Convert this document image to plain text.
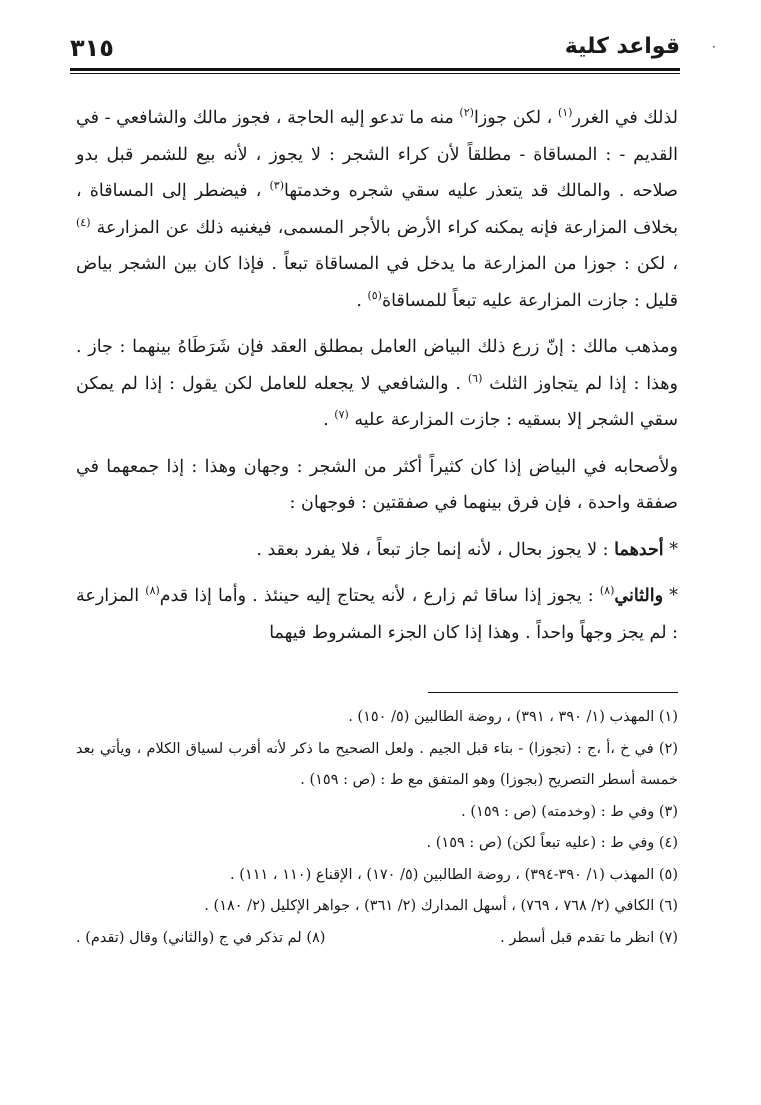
٣١٥	قواعد كلية	·

لذلك في الغرر$^{(١)}$ ، لكن جوزا$^{(٢)}$ منه ما تدعو إليه الحاجة ، فجوز مالك والشافعي - في القديم - : المساقاة - مطلقاً لأن كراء الشجر : لا يجوز ، لأنه بيع للشمر قبل بدو صلاحه . والمالك قد يتعذر عليه سقي شجره وخدمتها$^{(٣)}$ ، فيضطر إلى المساقاة ، بخلاف المزارعة فإنه يمكنه كراء الأرض بالأجر المسمى، فيغنيه ذلك عن المزارعة $^{(٤)}$ ، لكن : جوزا من المزارعة ما يدخل في المساقاة تبعاً . فإذا كان بين الشجر بياض قليل : جازت المزارعة عليه تبعاً للمساقاة$^{(٥)}$ .

ومذهب مالك : إنّ زرع ذلك البياض العامل بمطلق العقد فإن شَرَطَاهُ بينهما : جاز . وهذا : إذا لم يتجاوز الثلث $^{(٦)}$ . والشافعي لا يجعله للعامل لكن يقول : إذا لم يمكن سقي الشجر إلا بسقيه : جازت المزارعة عليه $^{(٧)}$ .

ولأصحابه في البياض إذا كان كثيراً أكثر من الشجر : وجهان وهذا : إذا جمعهما في صفقة واحدة ، فإن فرق بينهما في صفقتين : فوجهان :

* أحدهما : لا يجوز بحال ، لأنه إنما جاز تبعاً ، فلا يفرد بعقد .

* والثاني$^{(٨)}$ : يجوز إذا ساقا ثم زارع ، لأنه يحتاج إليه حينئذ . وأما إذا قدم$^{(٨)}$ المزارعة : لم يجز وجهاً واحداً . وهذا إذا كان الجزء المشروط فيهما

(١) المهذب (١/ ٣٩٠ ، ٣٩١) ، روضة الطالبين (٥/ ١٥٠) .

(٢) في خ ،أ ،ج : (تجوزا) - بتاء قبل الجيم . ولعل الصحيح ما ذكر لأنه أقرب لسياق الكلام ، ويأتي بعد خمسة أسطر التصريح (بجوزا) وهو المتفق مع ط : (ص : ١٥٩) .

(٣) وفي ط : (وخدمته) (ص : ١٥٩) .

(٤) وفي ط : (عليه تبعاً لكن) (ص : ١٥٩) .

(٥) المهذب (١/ ٣٩٠-٣٩٤) ، روضة الطالبين (٥/ ١٧٠) ، الإقناع (١١٠ ، ١١١) .

(٦) الكافي (٢/ ٧٦٨ ، ٧٦٩) ، أسهل المدارك (٢/ ٣٦١) ، جواهر الإكليل (٢/ ١٨٠) .

(٧) انظر ما تقدم قبل أسطر .
(٨) لم تذكر في ج (والثاني) وقال (تقدم) .
